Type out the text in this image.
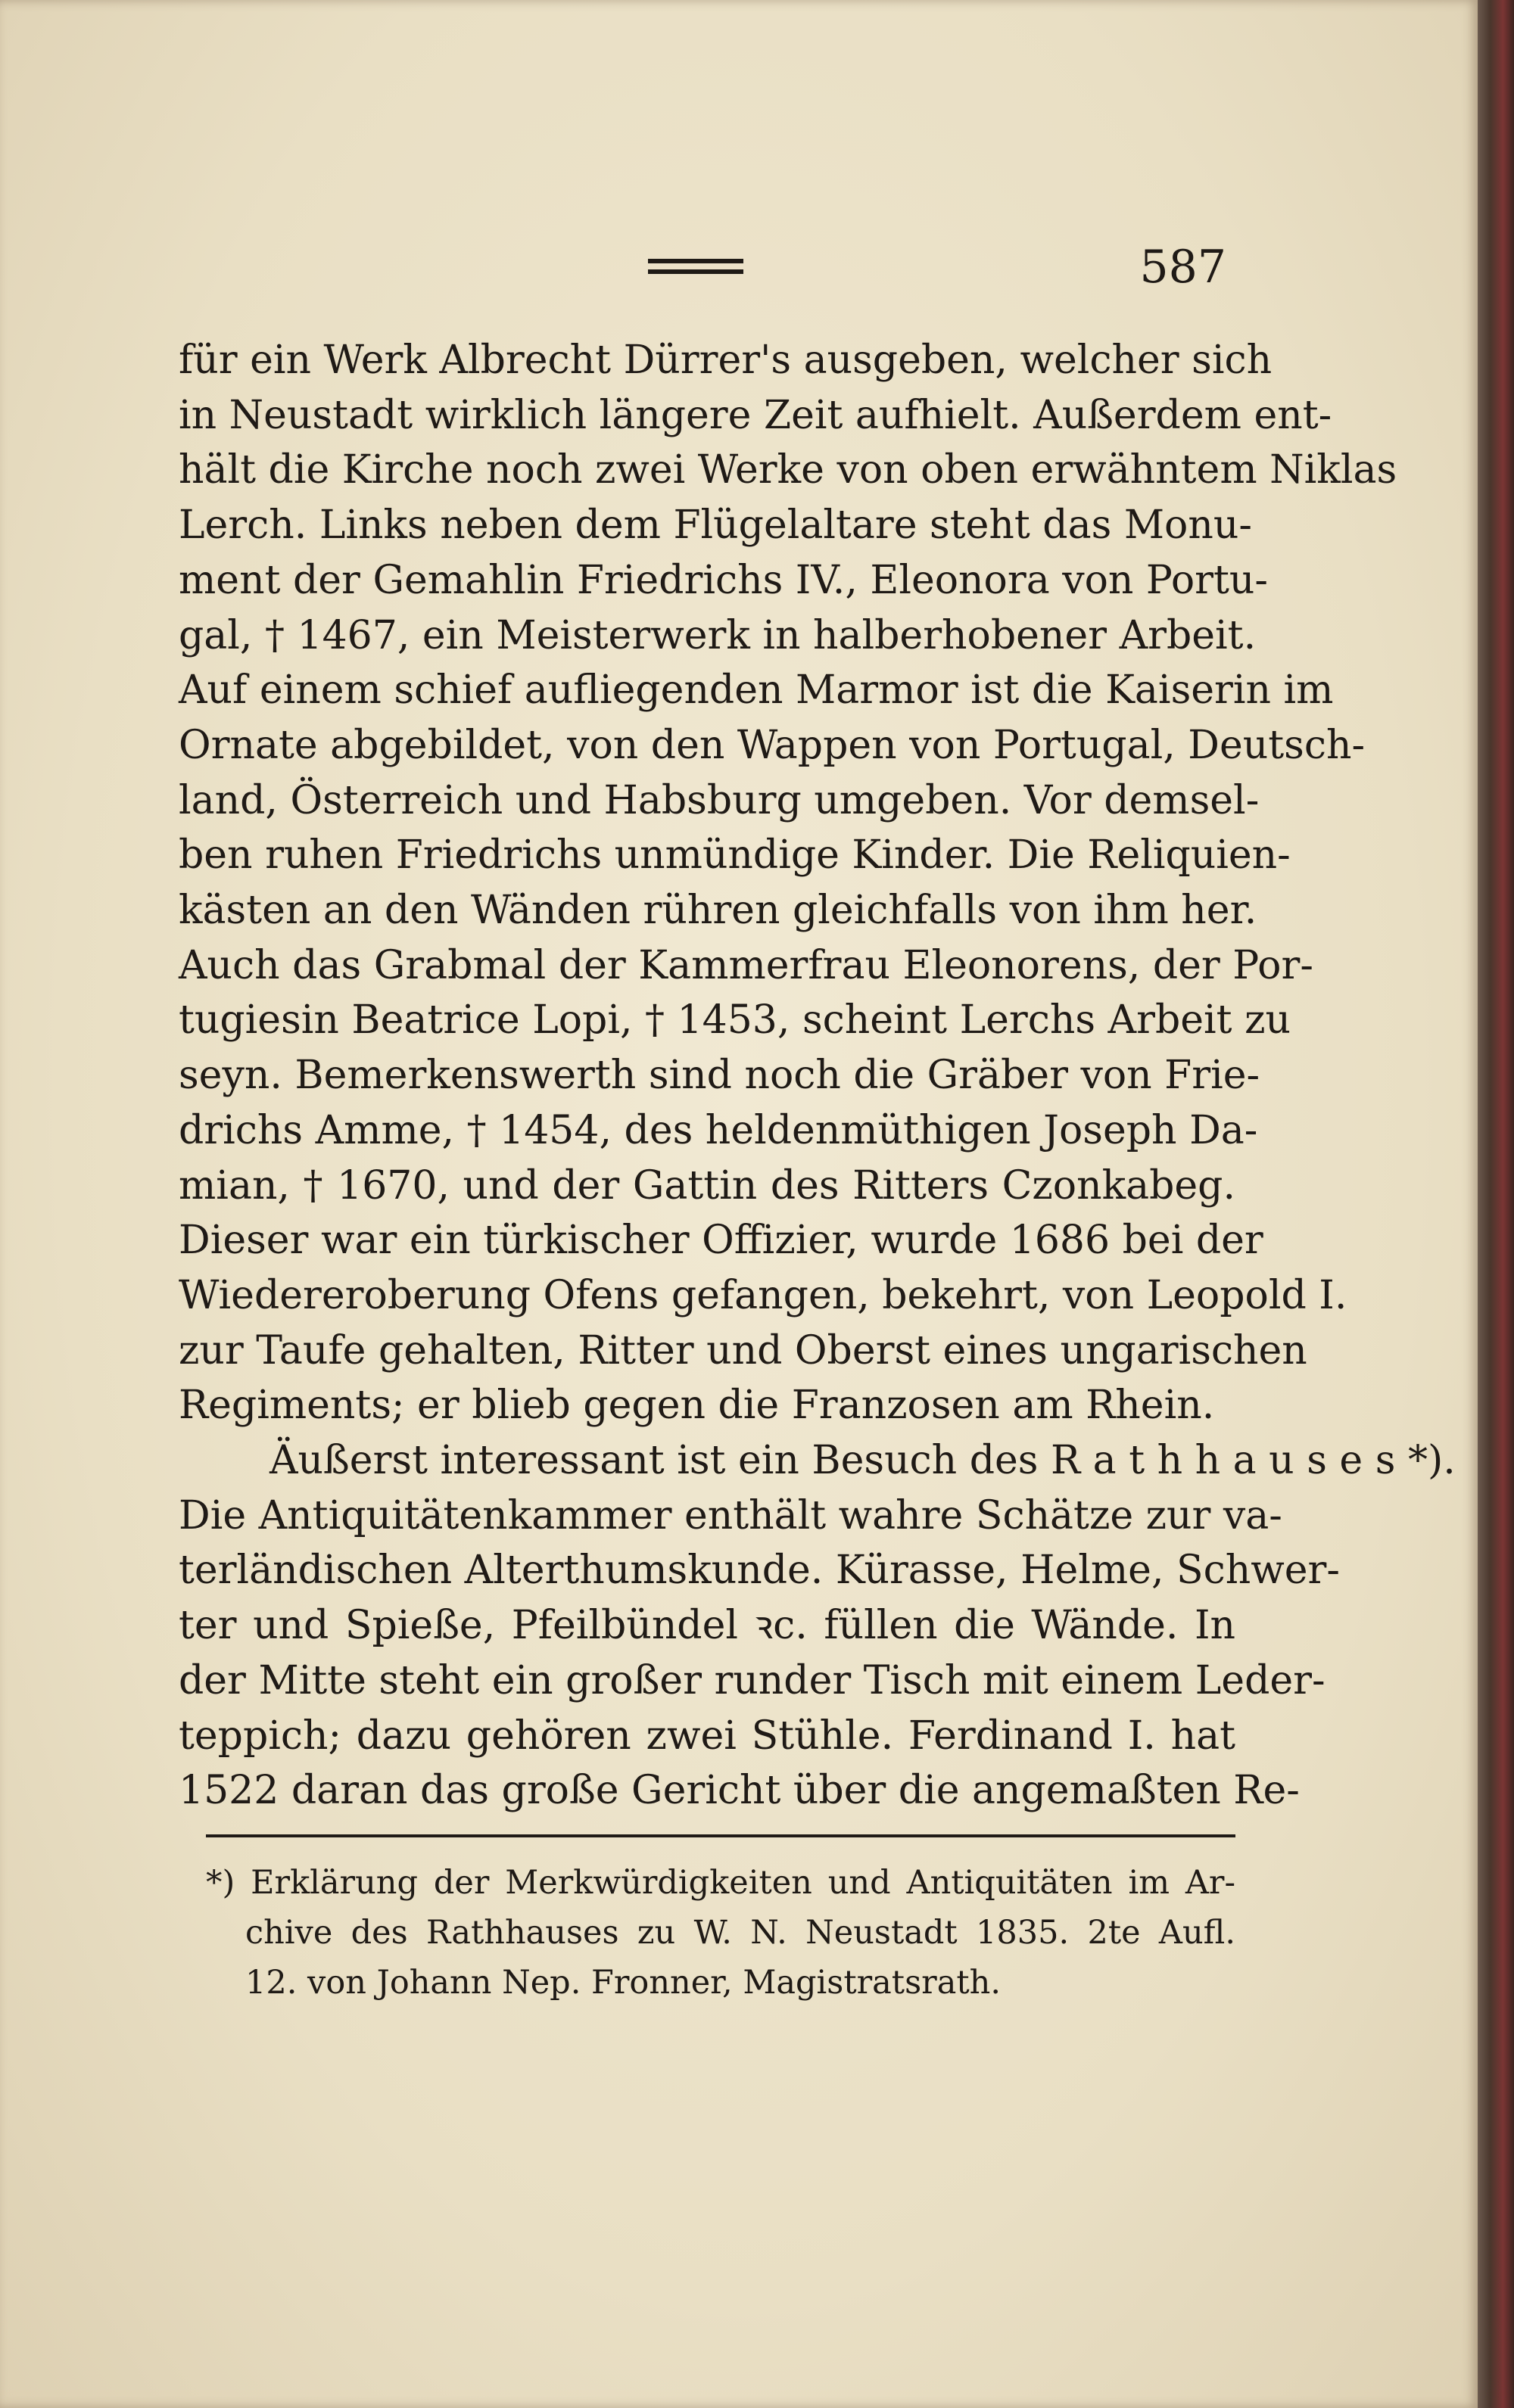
587
für ein Werk Albrecht Dürrer's ausgeben, welcher sich
in Neustadt wirklich längere Zeit aufhielt. Außerdem ent-
hält die Kirche noch zwei Werke von oben erwähntem Niklas
Lerch. Links neben dem Flügelaltare steht das Monu-
ment der Gemahlin Friedrichs IV., Eleonora von Portu-
gal, † 1467, ein Meisterwerk in halberhobener Arbeit.
Auf einem schief aufliegenden Marmor ist die Kaiserin im
Ornate abgebildet, von den Wappen von Portugal, Deutsch-
land, Österreich und Habsburg umgeben. Vor demsel-
ben ruhen Friedrichs unmündige Kinder. Die Reliquien-
kästen an den Wänden rühren gleichfalls von ihm her.
Auch das Grabmal der Kammerfrau Eleonorens, der Por-
tugiesin Beatrice Lopi, † 1453, scheint Lerchs Arbeit zu
seyn. Bemerkenswerth sind noch die Gräber von Frie-
drichs Amme, † 1454, des heldenmüthigen Joseph Da-
mian, † 1670, und der Gattin des Ritters Czonkabeg.
Dieser war ein türkischer Offizier, wurde 1686 bei der
Wiedereroberung Ofens gefangen, bekehrt, von Leopold I.
zur Taufe gehalten, Ritter und Oberst eines ungarischen
Regiments; er blieb gegen die Franzosen am Rhein.
Äußerst interessant ist ein Besuch des R a t h h a u s e s *).
Die Antiquitätenkammer enthält wahre Schätze zur va-
terländischen Alterthumskunde. Kürasse, Helme, Schwer-
ter und Spieße, Pfeilbündel ꝛc. füllen die Wände. In
der Mitte steht ein großer runder Tisch mit einem Leder-
teppich; dazu gehören zwei Stühle. Ferdinand I. hat
1522 daran das große Gericht über die angemaßten Re-
*) Erklärung der Merkwürdigkeiten und Antiquitäten im Ar-
chive des Rathhauses zu W. N. Neustadt 1835. 2te Aufl.
12. von Johann Nep. Fronner, Magistratsrath.
